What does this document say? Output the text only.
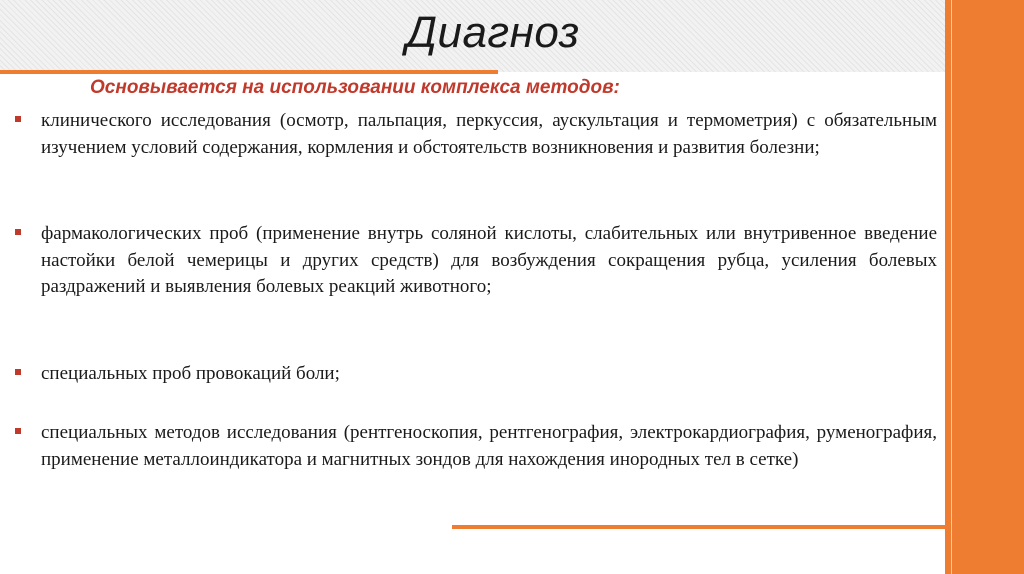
Диагноз

Основывается на использовании комплекса методов:

клинического исследования (осмотр, пальпация, перкуссия, аускультация и термометрия) с обязательным изучением условий содержания, кормления и обстоятельств возникновения и развития болезни;

фармакологических проб (применение внутрь соляной кислоты, слабительных или внутривенное введение настойки белой чемерицы и других средств) для возбуждения сокращения рубца, усиления болевых раздражений и выявления болевых реакций животного;

специальных проб провокаций боли;

специальных методов исследования (рентгеноскопия, рентгенография, электрокардиография, руменография, применение металлоиндикатора и магнитных зондов для нахождения инородных тел в сетке)
